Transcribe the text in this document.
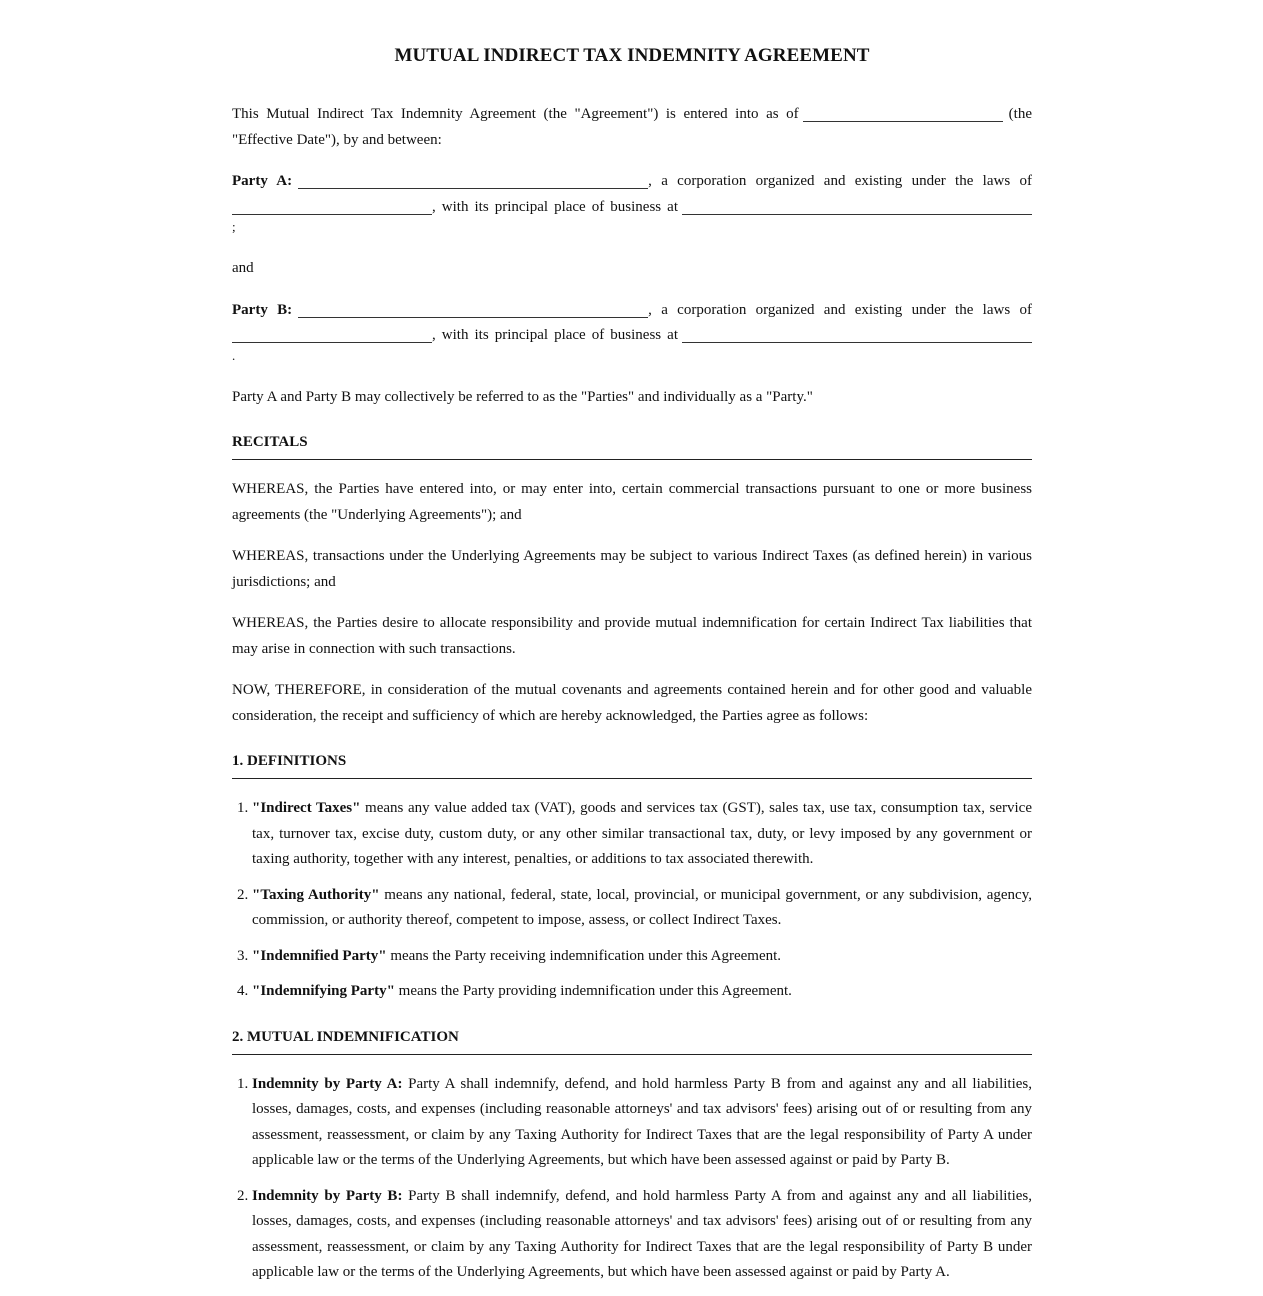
MUTUAL INDIRECT TAX INDEMNITY AGREEMENT

This Mutual Indirect Tax Indemnity Agreement (the "Agreement") is entered into as of	(the "Effective Date"), by and between:

Party A:	, a corporation organized and existing under the laws of

, with its principal place of business at

;

and

Party B:	, a corporation organized and existing under the laws of

, with its principal place of business at

.

Party A and Party B may collectively be referred to as the "Parties" and individually as a "Party."

RECITALS

WHEREAS, the Parties have entered into, or may enter into, certain commercial transactions pursuant to one or more business agreements (the "Underlying Agreements"); and

WHEREAS, transactions under the Underlying Agreements may be subject to various Indirect Taxes (as defined herein) in various jurisdictions; and

WHEREAS, the Parties desire to allocate responsibility and provide mutual indemnification for certain Indirect Tax liabilities that may arise in connection with such transactions.

NOW, THEREFORE, in consideration of the mutual covenants and agreements contained herein and for other good and valuable consideration, the receipt and sufficiency of which are hereby acknowledged, the Parties agree as follows:

1. DEFINITIONS
1. "Indirect Taxes" means any value added tax (VAT), goods and services tax (GST), sales tax, use tax, consumption tax, service tax, turnover tax, excise duty, custom duty, or any other similar transactional tax, duty, or levy imposed by any government or taxing authority, together with any interest, penalties, or additions to tax associated therewith.
2. "Taxing Authority" means any national, federal, state, local, provincial, or municipal government, or any subdivision, agency, commission, or authority thereof, competent to impose, assess, or collect Indirect Taxes.
3. "Indemnified Party" means the Party receiving indemnification under this Agreement.
4. "Indemnifying Party" means the Party providing indemnification under this Agreement.
2. MUTUAL INDEMNIFICATION
1. Indemnity by Party A: Party A shall indemnify, defend, and hold harmless Party B from and against any and all liabilities, losses, damages, costs, and expenses (including reasonable attorneys' and tax advisors' fees) arising out of or resulting from any assessment, reassessment, or claim by any Taxing Authority for Indirect Taxes that are the legal responsibility of Party A under applicable law or the terms of the Underlying Agreements, but which have been assessed against or paid by Party B.
2. Indemnity by Party B: Party B shall indemnify, defend, and hold harmless Party A from and against any and all liabilities, losses, damages, costs, and expenses (including reasonable attorneys' and tax advisors' fees) arising out of or resulting from any assessment, reassessment, or claim by any Taxing Authority for Indirect Taxes that are the legal responsibility of Party B under applicable law or the terms of the Underlying Agreements, but which have been assessed against or paid by Party A.
